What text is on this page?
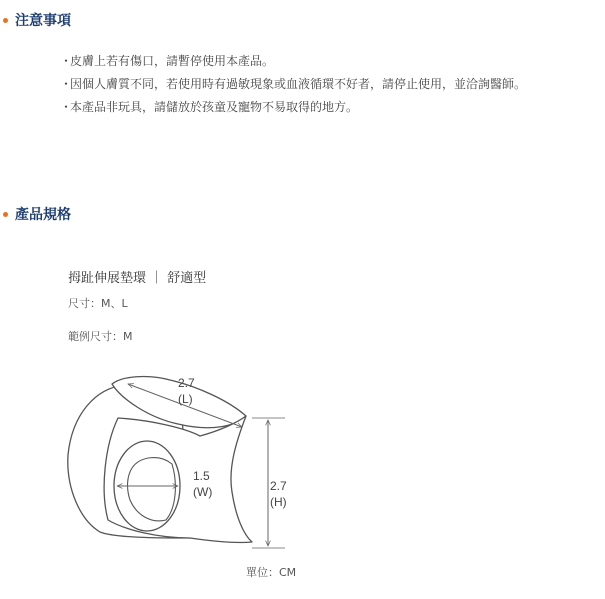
注意事項
・
皮膚上若有傷口，請暫停使用本產品。
・
因個人膚質不同，若使用時有過敏現象或血液循環不好者，請停止使用，並洽詢醫師。
・
本產品非玩具，請儲放於孩童及寵物不易取得的地方。
產品規格
拇趾伸展墊環 ｜ 舒適型
尺寸：M、L
範例尺寸：M
2.7
(L)
1.5
(W)	2.7
(H)
單位：CM
